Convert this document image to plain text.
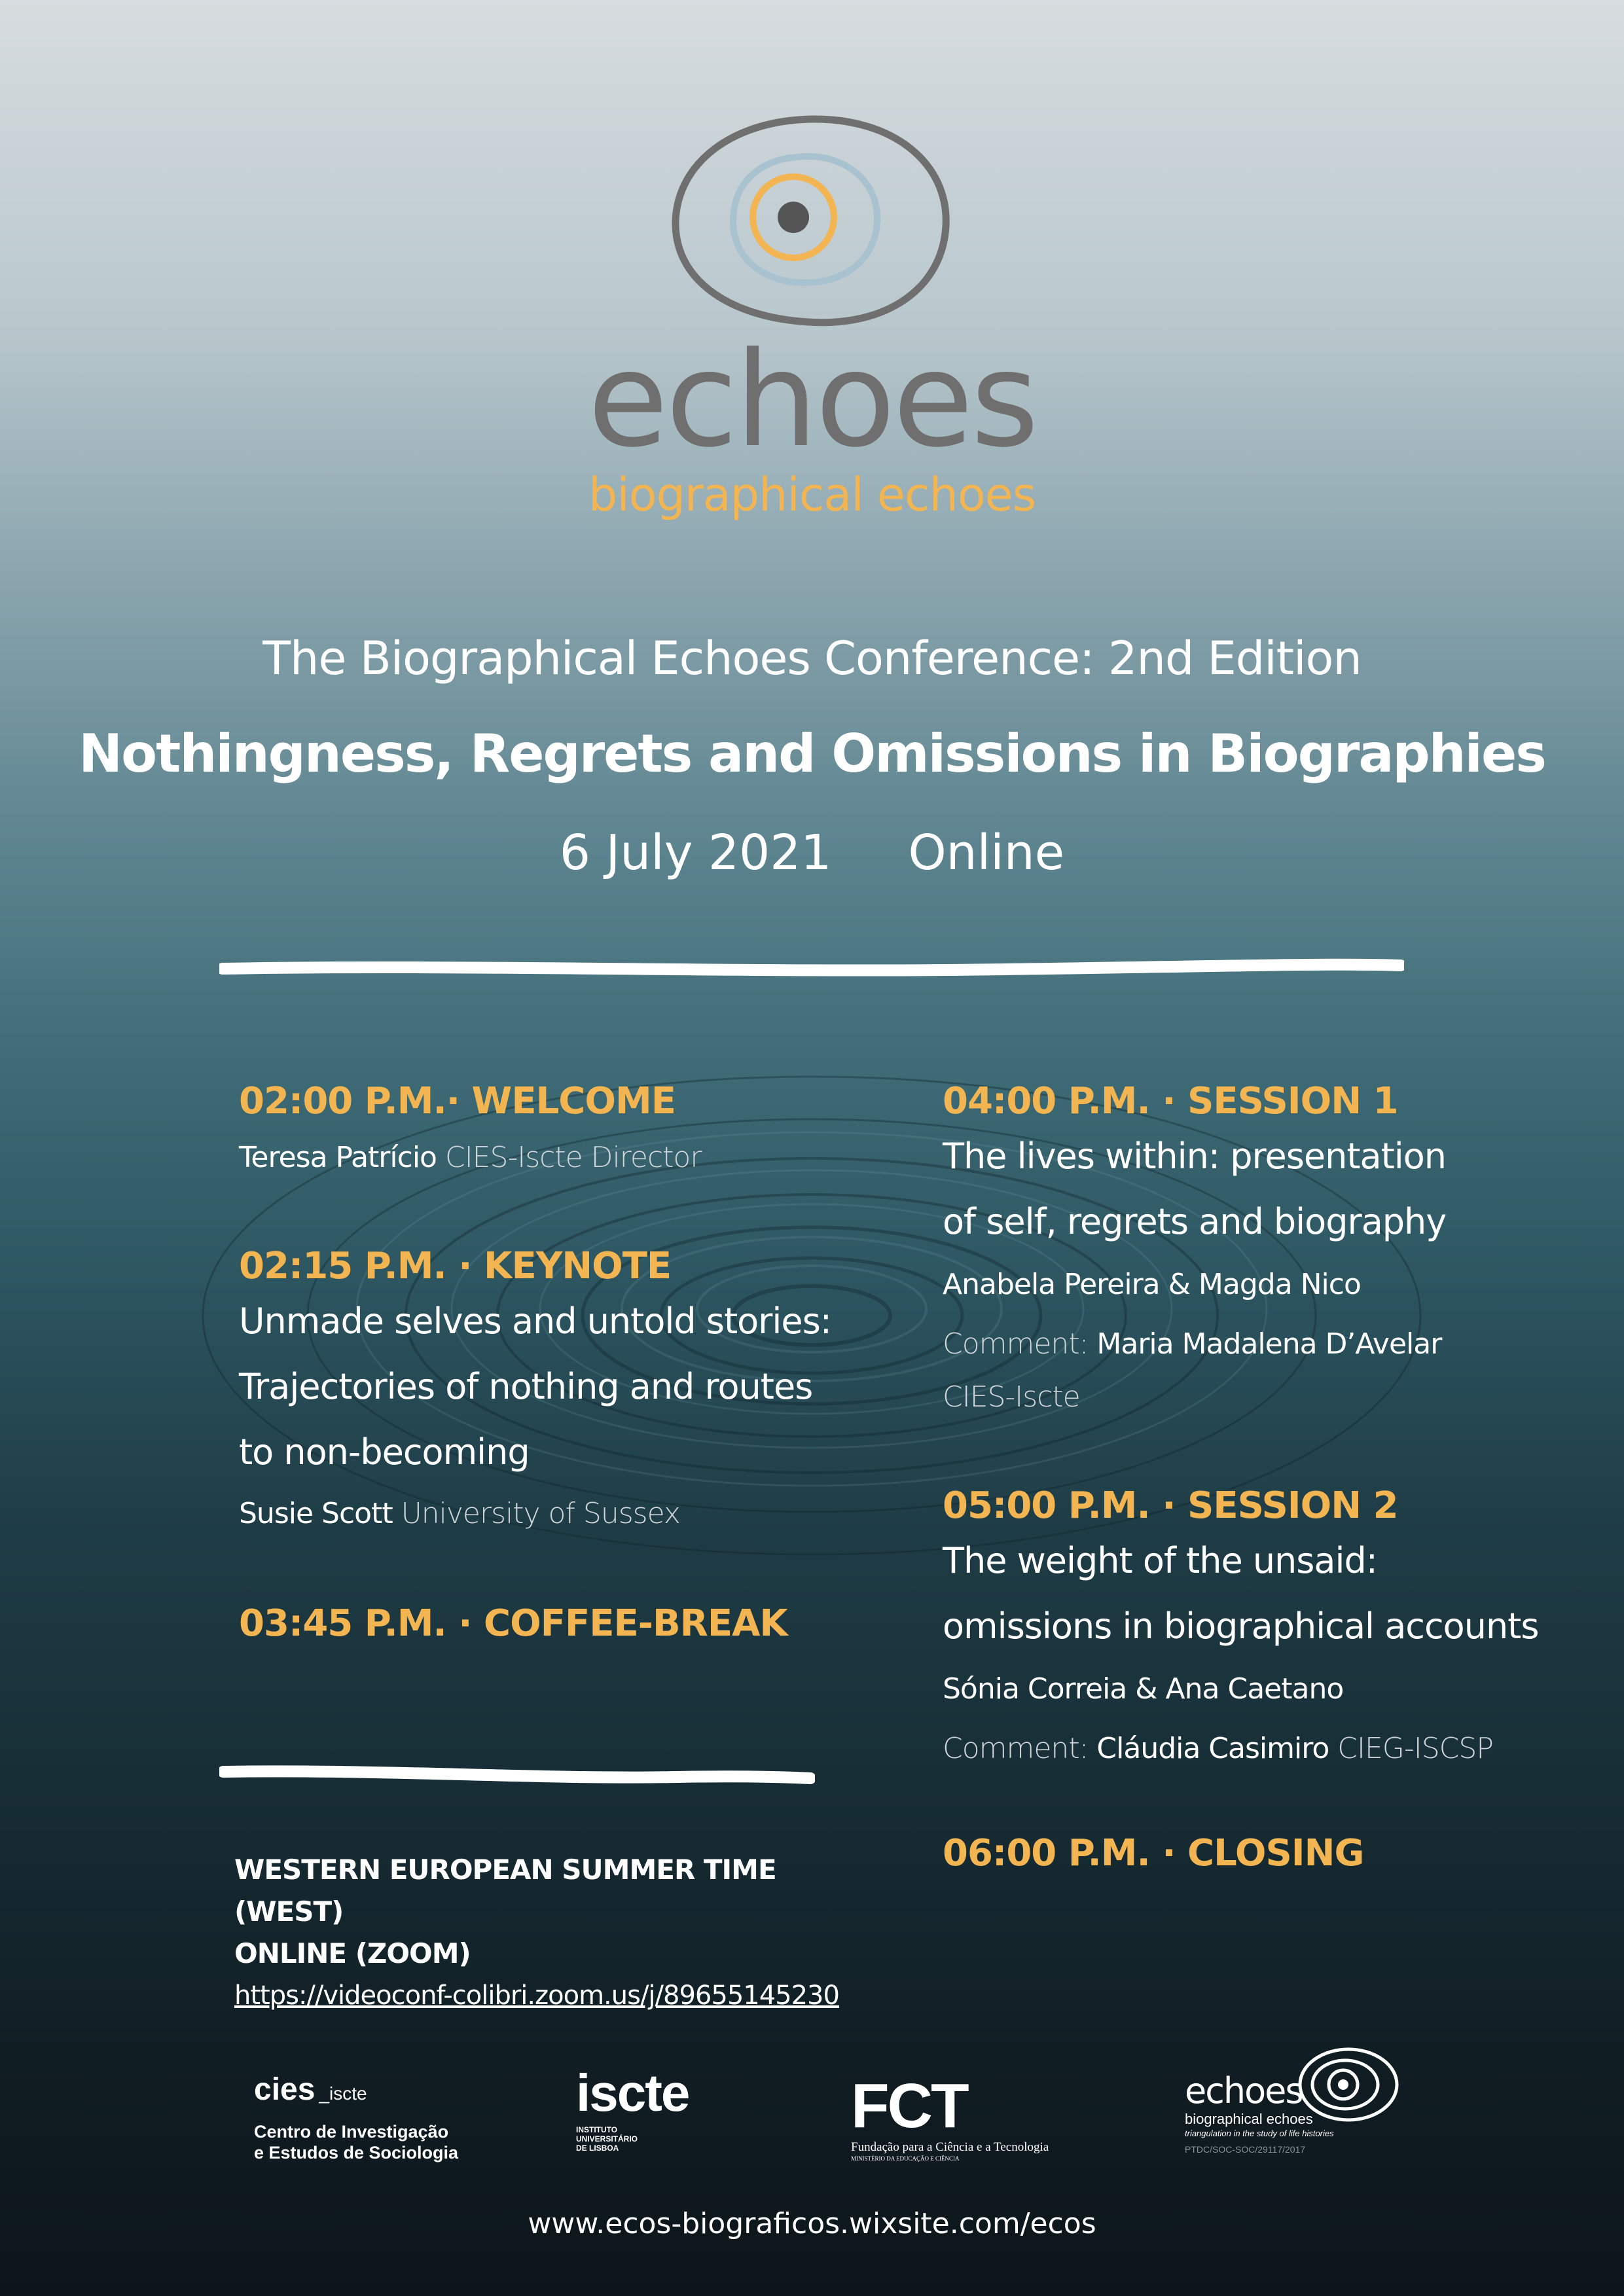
echoes
biographical echoes
The Biographical Echoes Conference: 2nd Edition
Nothingness, Regrets and Omissions in Biographies
6 July 2021 Online
02:00 P.M.· WELCOME
Teresa Patrício CIES-Iscte Director
02:15 P.M. · KEYNOTE
Unmade selves and untold stories:
Trajectories of nothing and routes
to non-becoming
Susie Scott University of Sussex
03:45 P.M. · COFFEE-BREAK
04:00 P.M. · SESSION 1
The lives within: presentation
of self, regrets and biography
Anabela Pereira & Magda Nico
Comment: Maria Madalena D’Avelar
CIES-Iscte
05:00 P.M. · SESSION 2
The weight of the unsaid:
omissions in biographical accounts
Sónia Correia & Ana Caetano
Comment: Cláudia Casimiro CIEG-ISCSP
06:00 P.M. · CLOSING
WESTERN EUROPEAN SUMMER TIME (WEST)
ONLINE (ZOOM)
https://videoconf-colibri.zoom.us/j/89655145230
cies _iscte
Centro de Investigação
e Estudos de Sociologia
iscte
INSTITUTO
UNIVERSITÁRIO
DE LISBOA
FCT
Fundação para a Ciência e a Tecnologia
MINISTÉRIO DA EDUCAÇÃO E CIÊNCIA
echoes
biographical echoes
triangulation in the study of life histories
PTDC/SOC-SOC/29117/2017
www.ecos-biograficos.wixsite.com/ecos
